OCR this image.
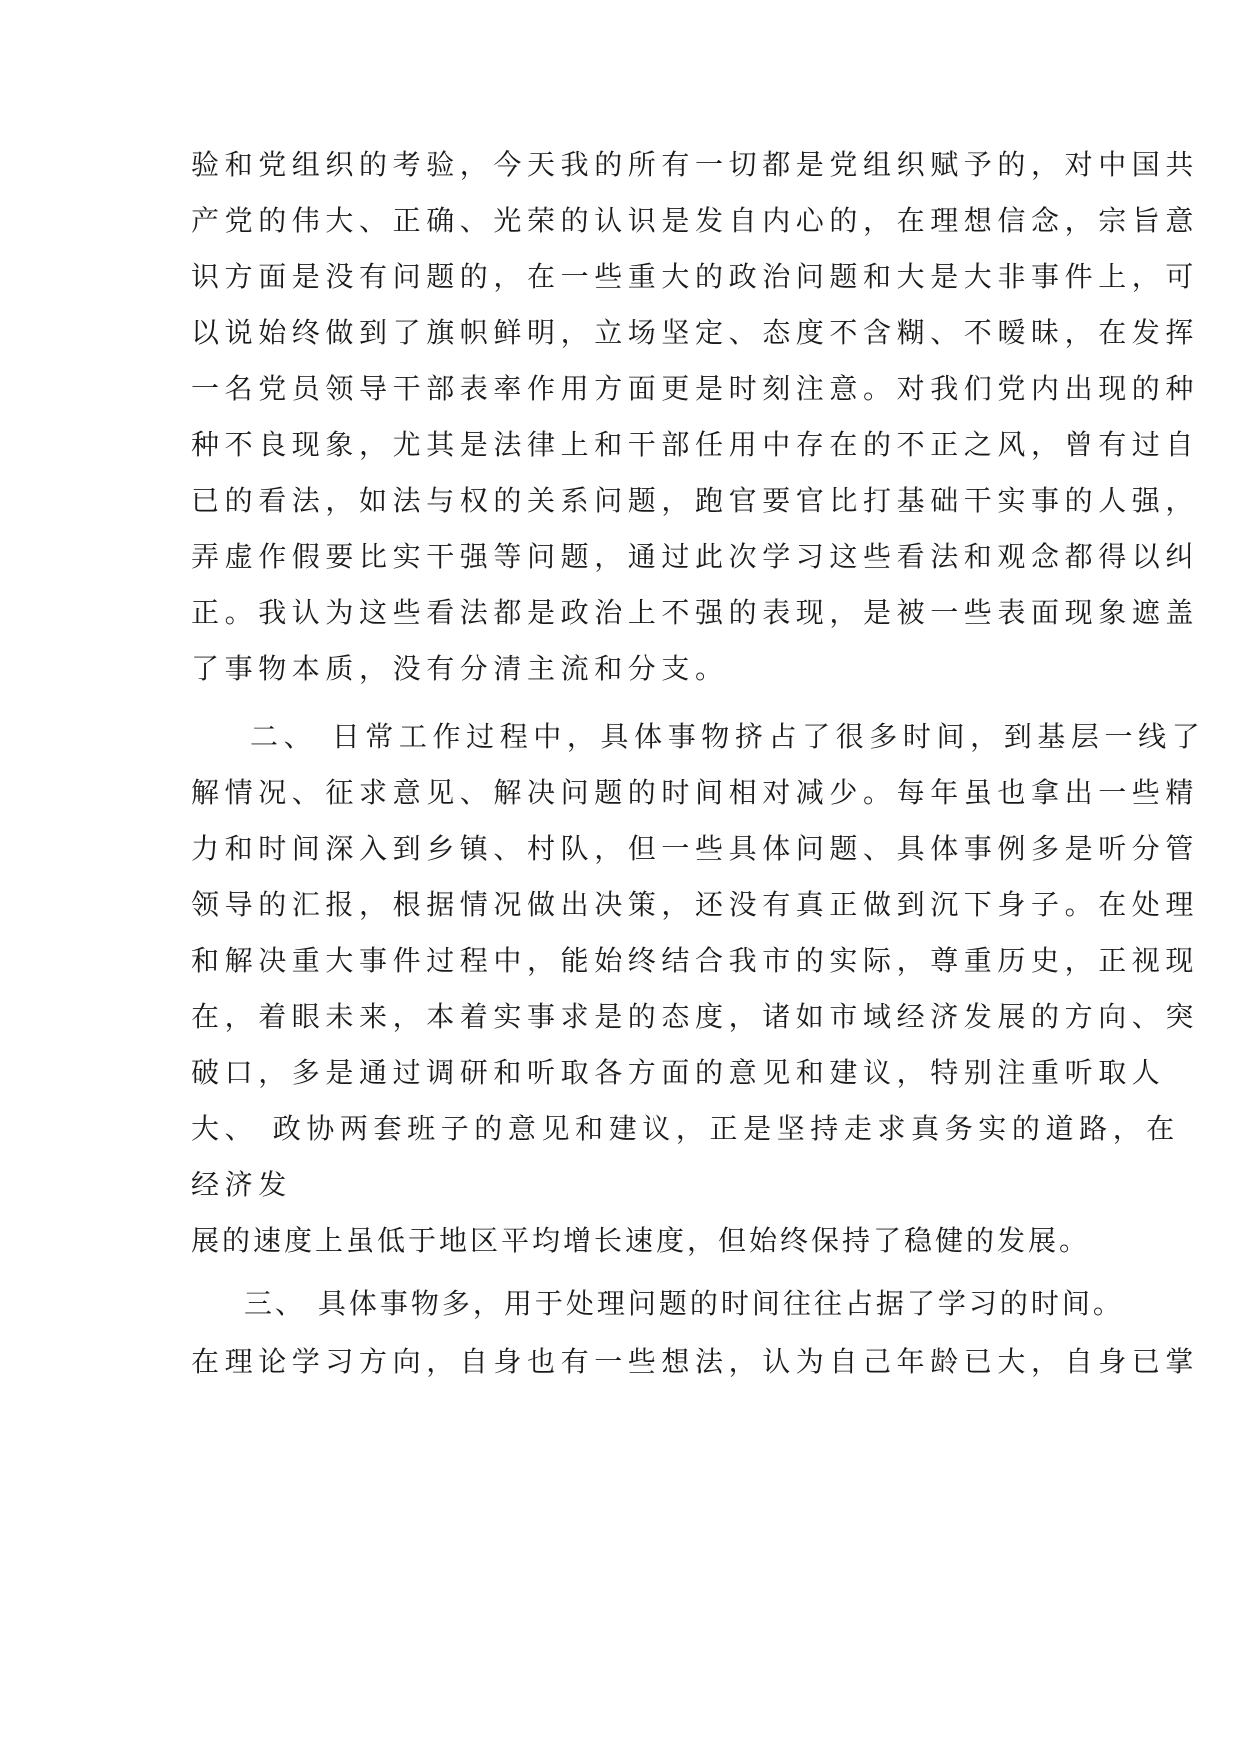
验和党组织的考验，今天我的所有一切都是党组织赋予的，对中国共
产党的伟大、正确、光荣的认识是发自内心的，在理想信念，宗旨意
识方面是没有问题的，在一些重大的政治问题和大是大非事件上，可
以说始终做到了旗帜鲜明，立场坚定、态度不含糊、不暧昧，在发挥
一名党员领导干部表率作用方面更是时刻注意。对我们党内出现的种
种不良现象，尤其是法律上和干部任用中存在的不正之风，曾有过自
已的看法，如法与权的关系问题，跑官要官比打基础干实事的人强，
弄虚作假要比实干强等问题，通过此次学习这些看法和观念都得以纠
正。我认为这些看法都是政治上不强的表现，是被一些表面现象遮盖
了事物本质，没有分清主流和分支。
二、 日常工作过程中，具体事物挤占了很多时间，到基层一线了
解情况、征求意见、解决问题的时间相对减少。每年虽也拿出一些精
力和时间深入到乡镇、村队，但一些具体问题、具体事例多是听分管
领导的汇报，根据情况做出决策，还没有真正做到沉下身子。在处理
和解决重大事件过程中，能始终结合我市的实际，尊重历史，正视现
在，着眼未来，本着实事求是的态度，诸如市域经济发展的方向、突
破口，多是通过调研和听取各方面的意见和建议，特别注重听取人
大、 政协两套班子的意见和建议，正是坚持走求真务实的道路，在
经济发
展的速度上虽低于地区平均增长速度，但始终保持了稳健的发展。
三、 具体事物多，用于处理问题的时间往往占据了学习的时间。
在理论学习方向，自身也有一些想法，认为自己年龄已大，自身已掌
